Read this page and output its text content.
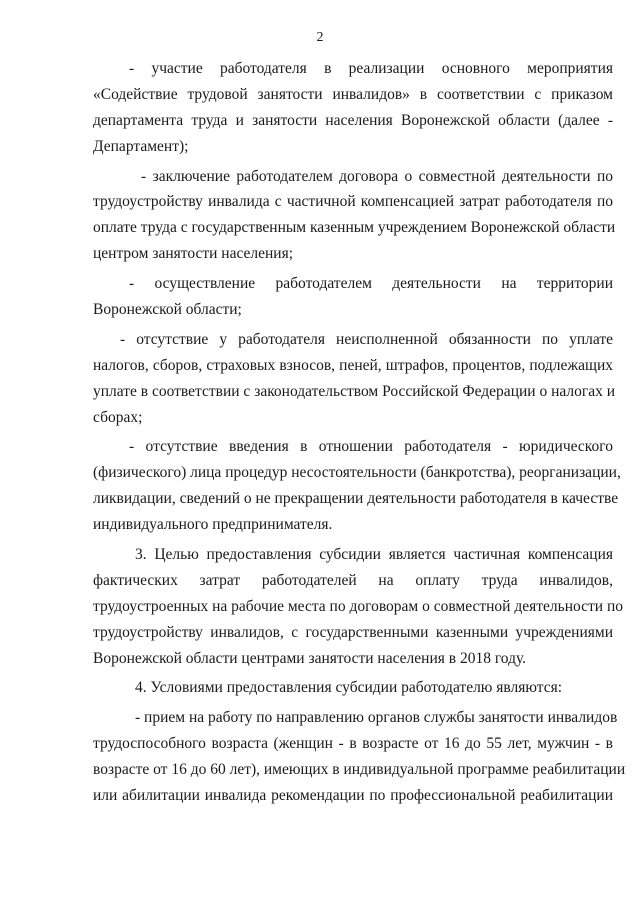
2
- участие работодателя в реализации основного мероприятия
«Содействие трудовой занятости инвалидов» в соответствии с приказом
департамента труда и занятости населения Воронежской области (далее -
Департамент);
- заключение работодателем договора о совместной деятельности по
трудоустройству инвалида с частичной компенсацией затрат работодателя по
оплате труда с государственным казенным учреждением Воронежской области
центром занятости населения;
- осуществление работодателем деятельности на территории
Воронежской области;
- отсутствие у работодателя неисполненной обязанности по уплате
налогов, сборов, страховых взносов, пеней, штрафов, процентов, подлежащих
уплате в соответствии с законодательством Российской Федерации о налогах и
сборах;
- отсутствие введения в отношении работодателя - юридического
(физического) лица процедур несостоятельности (банкротства), реорганизации,
ликвидации, сведений о не прекращении деятельности работодателя в качестве
индивидуального предпринимателя.
3. Целью предоставления субсидии является частичная компенсация
фактических затрат работодателей на оплату труда инвалидов,
трудоустроенных на рабочие места по договорам о совместной деятельности по
трудоустройству инвалидов, с государственными казенными учреждениями
Воронежской области центрами занятости населения в 2018 году.
4. Условиями предоставления субсидии работодателю являются:
- прием на работу по направлению органов службы занятости инвалидов
трудоспособного возраста (женщин - в возрасте от 16 до 55 лет, мужчин - в
возрасте от 16 до 60 лет), имеющих в индивидуальной программе реабилитации
или абилитации инвалида рекомендации по профессиональной реабилитации
